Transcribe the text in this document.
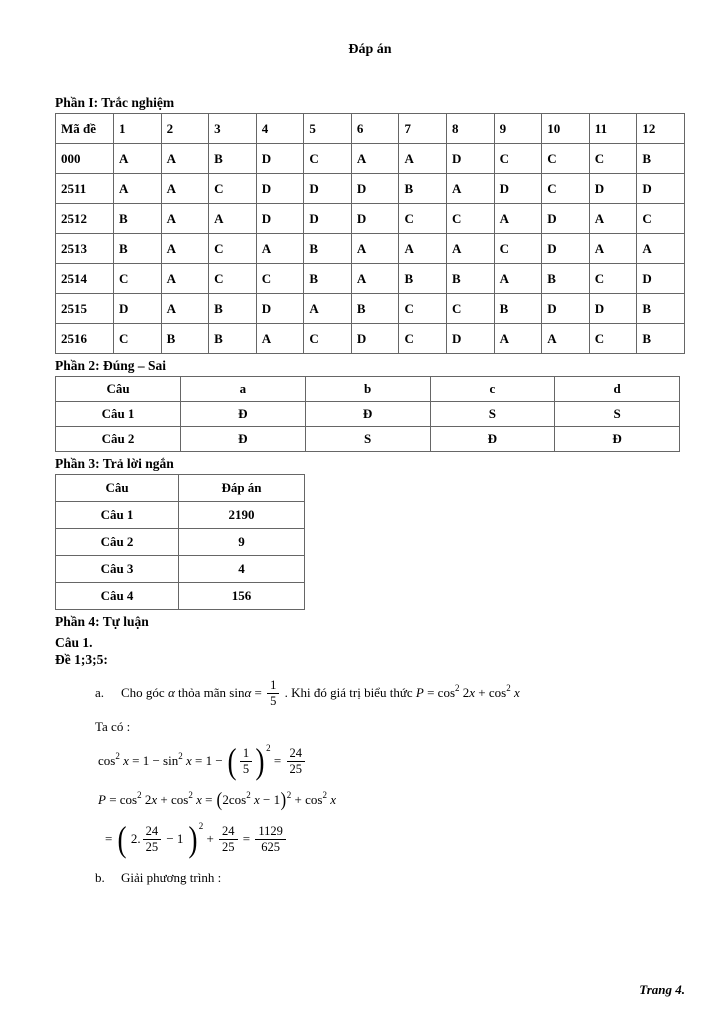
Đáp án
Phần I: Trắc nghiệm
Mã đề	1	2	3	4	5	6	7	8	9	10	11	12
000	A	A	B	D	C	A	A	D	C	C	C	B
2511	A	A	C	D	D	D	B	A	D	C	D	D
2512	B	A	A	D	D	D	C	C	A	D	A	C
2513	B	A	C	A	B	A	A	A	C	D	A	A
2514	C	A	C	C	B	A	B	B	A	B	C	D
2515	D	A	B	D	A	B	C	C	B	D	D	B
2516	C	B	B	A	C	D	C	D	A	A	C	B
Phần 2: Đúng – Sai
Câu	a	b	c	d
Câu 1	Đ	Đ	S	S
Câu 2	Đ	S	Đ	Đ
Phần 3: Trả lời ngắn
Câu	Đáp án
Câu 1	2190
Câu 2	9
Câu 3	4
Câu 4	156
Phần 4: Tự luận
Câu 1.
Đề 1;3;5:
a.	Cho góc α thỏa mãn $\sin \alpha = \frac{1}{5}$ . Khi đó giá trị biểu thức P = cos 2 2 x + cos 2 x
Ta có :
cos 2 x = 1 − sin 2 x = 1 − ( $\frac{1}{5}$ ) 2
= $\frac{24}{25}$
P = cos 2 2 x + cos 2 x = ( 2cos 2 x − 1 ) 2 + cos 2 x
= ( 2. $\frac{24}{25} - 1$ ) 2
+ $\frac{24}{25} = \frac{1129}{625}$
b.	Giải phương trình :
Trang 4.
